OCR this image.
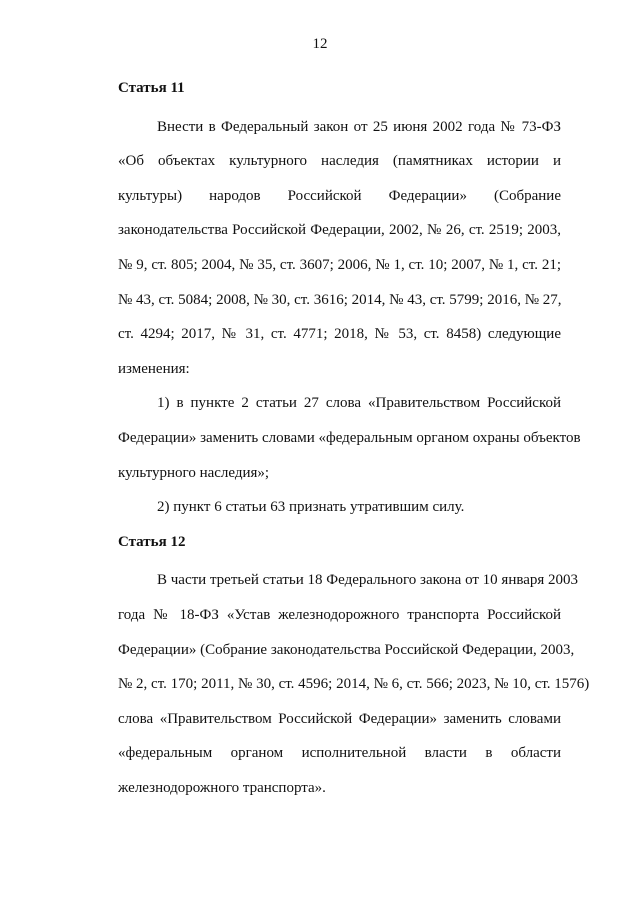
12
Статья 11
Внести в Федеральный закон от 25 июня 2002 года № 73-ФЗ
«Об объектах культурного наследия (памятниках истории и
культуры) народов Российской Федерации» (Собрание
законодательства Российской Федерации, 2002, № 26, ст. 2519; 2003,
№ 9, ст. 805; 2004, № 35, ст. 3607; 2006, № 1, ст. 10; 2007, № 1, ст. 21;
№ 43, ст. 5084; 2008, № 30, ст. 3616; 2014, № 43, ст. 5799; 2016, № 27,
ст. 4294; 2017, № 31, ст. 4771; 2018, № 53, ст. 8458) следующие
изменения:
1) в пункте 2 статьи 27 слова «Правительством Российской
Федерации» заменить словами «федеральным органом охраны объектов
культурного наследия»;
2) пункт 6 статьи 63 признать утратившим силу.
Статья 12
В части третьей статьи 18 Федерального закона от 10 января 2003
года № 18-ФЗ «Устав железнодорожного транспорта Российской
Федерации» (Собрание законодательства Российской Федерации, 2003,
№ 2, ст. 170; 2011, № 30, ст. 4596; 2014, № 6, ст. 566; 2023, № 10, ст. 1576)
слова «Правительством Российской Федерации» заменить словами
«федеральным органом исполнительной власти в области
железнодорожного транспорта».
